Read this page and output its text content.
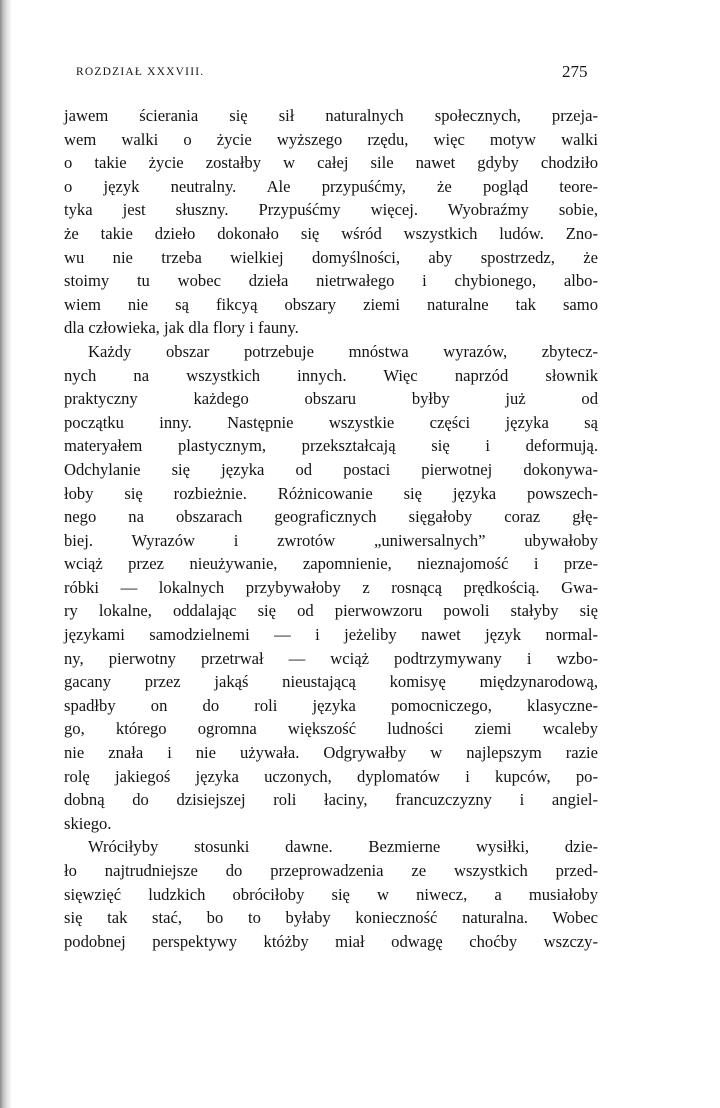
ROZDZIAŁ XXXVIII.	275
jawem ścierania się sił naturalnych społecznych, przeja-
wem walki o życie wyższego rzędu, więc motyw walki
o takie życie zostałby w całej sile nawet gdyby chodziło
o język neutralny. Ale przypuśćmy, że pogląd teore-
tyka jest słuszny. Przypuśćmy więcej. Wyobraźmy sobie,
że takie dzieło dokonało się wśród wszystkich ludów. Zno-
wu nie trzeba wielkiej domyślności, aby spostrzedz, że
stoimy tu wobec dzieła nietrwałego i chybionego, albo-
wiem nie są fikcyą obszary ziemi naturalne tak samo
dla człowieka, jak dla flory i fauny.
Każdy obszar potrzebuje mnóstwa wyrazów, zbytecz-
nych na wszystkich innych. Więc naprzód słownik
praktyczny każdego obszaru byłby już od
początku inny. Następnie wszystkie części języka są
materyałem plastycznym, przekształcają się i deformują.
Odchylanie się języka od postaci pierwotnej dokonywa-
łoby się rozbieżnie. Różnicowanie się języka powszech-
nego na obszarach geograficznych sięgałoby coraz głę-
biej. Wyrazów i zwrotów „uniwersalnych” ubywałoby
wciąż przez nieużywanie, zapomnienie, nieznajomość i prze-
róbki — lokalnych przybywałoby z rosnącą prędkością. Gwa-
ry lokalne, oddalając się od pierwowzoru powoli stałyby się
językami samodzielnemi — i jeżeliby nawet język normal-
ny, pierwotny przetrwał — wciąż podtrzymywany i wzbo-
gacany przez jakąś nieustającą komisyę międzynarodową,
spadłby on do roli języka pomocniczego, klasyczne-
go, którego ogromna większość ludności ziemi wcaleby
nie znała i nie używała. Odgrywałby w najlepszym razie
rolę jakiegoś języka uczonych, dyplomatów i kupców, po-
dobną do dzisiejszej roli łaciny, francuzczyzny i angiel-
skiego.
Wróciłyby stosunki dawne. Bezmierne wysiłki, dzie-
ło najtrudniejsze do przeprowadzenia ze wszystkich przed-
sięwzięć ludzkich obróciłoby się w niwecz, a musiałoby
się tak stać, bo to byłaby konieczność naturalna. Wobec
podobnej perspektywy któżby miał odwagę choćby wszczy-
